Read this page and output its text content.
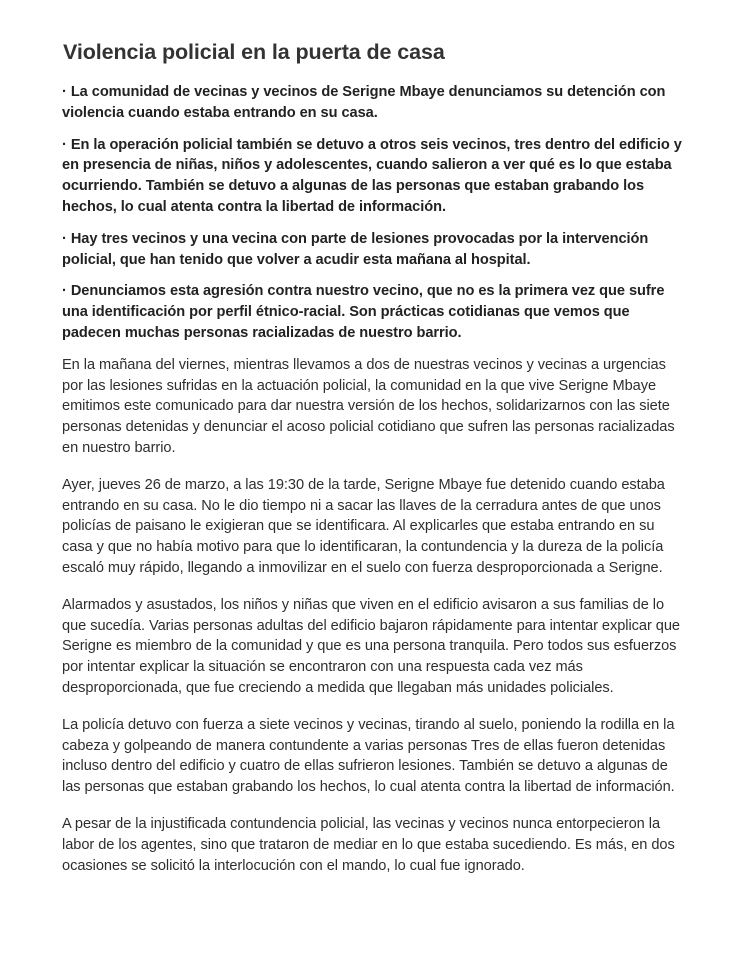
Violencia policial en la puerta de casa

· La comunidad de vecinas y vecinos de Serigne Mbaye denunciamos su detención con violencia cuando estaba entrando en su casa.

· En la operación policial también se detuvo a otros seis vecinos, tres dentro del edificio y en presencia de niñas, niños y adolescentes, cuando salieron a ver qué es lo que estaba ocurriendo. También se detuvo a algunas de las personas que estaban grabando los hechos, lo cual atenta contra la libertad de información.

· Hay tres vecinos y una vecina con parte de lesiones provocadas por la intervención policial, que han tenido que volver a acudir esta mañana al hospital.

· Denunciamos esta agresión contra nuestro vecino, que no es la primera vez que sufre una identificación por perfil étnico-racial. Son prácticas cotidianas que vemos que padecen muchas personas racializadas de nuestro barrio.

En la mañana del viernes, mientras llevamos a dos de nuestras vecinos y vecinas a urgencias por las lesiones sufridas en la actuación policial, la comunidad en la que vive Serigne Mbaye emitimos este comunicado para dar nuestra versión de los hechos, solidarizarnos con las siete personas detenidas y denunciar el acoso policial cotidiano que sufren las personas racializadas en nuestro barrio.

Ayer, jueves 26 de marzo, a las 19:30 de la tarde, Serigne Mbaye fue detenido cuando estaba entrando en su casa. No le dio tiempo ni a sacar las llaves de la cerradura antes de que unos policías de paisano le exigieran que se identificara. Al explicarles que estaba entrando en su casa y que no había motivo para que lo identificaran, la contundencia y la dureza de la policía escaló muy rápido, llegando a inmovilizar en el suelo con fuerza desproporcionada a Serigne.

Alarmados y asustados, los niños y niñas que viven en el edificio avisaron a sus familias de lo que sucedía. Varias personas adultas del edificio bajaron rápidamente para intentar explicar que Serigne es miembro de la comunidad y que es una persona tranquila. Pero todos sus esfuerzos por intentar explicar la situación se encontraron con una respuesta cada vez más desproporcionada, que fue creciendo a medida que llegaban más unidades policiales.

La policía detuvo con fuerza a siete vecinos y vecinas, tirando al suelo, poniendo la rodilla en la cabeza y golpeando de manera contundente a varias personas Tres de ellas fueron detenidas incluso dentro del edificio y cuatro de ellas sufrieron lesiones. También se detuvo a algunas de las personas que estaban grabando los hechos, lo cual atenta contra la libertad de información.

A pesar de la injustificada contundencia policial, las vecinas y vecinos nunca entorpecieron la labor de los agentes, sino que trataron de mediar en lo que estaba sucediendo. Es más, en dos ocasiones se solicitó la interlocución con el mando, lo cual fue ignorado.
